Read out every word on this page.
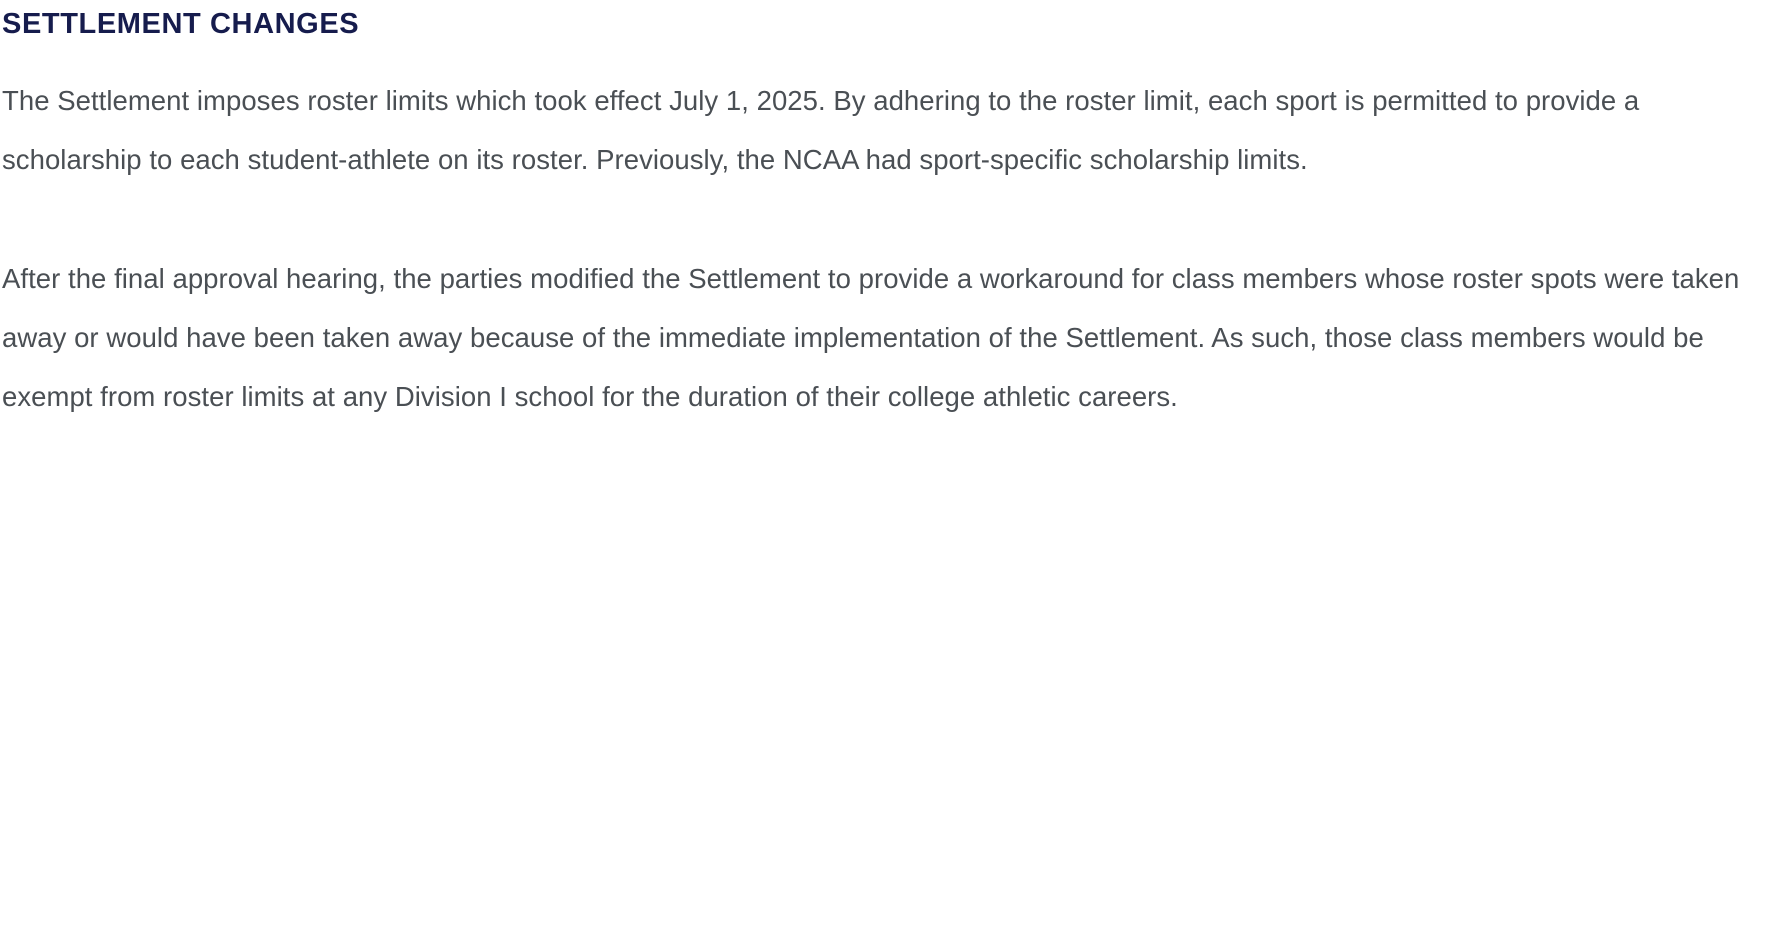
SETTLEMENT CHANGES

The Settlement imposes roster limits which took effect July 1, 2025. By adhering to the roster limit, each sport is permitted to provide a scholarship to each student-athlete on its roster. Previously, the NCAA had sport-specific scholarship limits.

After the final approval hearing, the parties modified the Settlement to provide a workaround for class members whose roster spots were taken away or would have been taken away because of the immediate implementation of the Settlement. As such, those class members would be exempt from roster limits at any Division I school for the duration of their college athletic careers.
